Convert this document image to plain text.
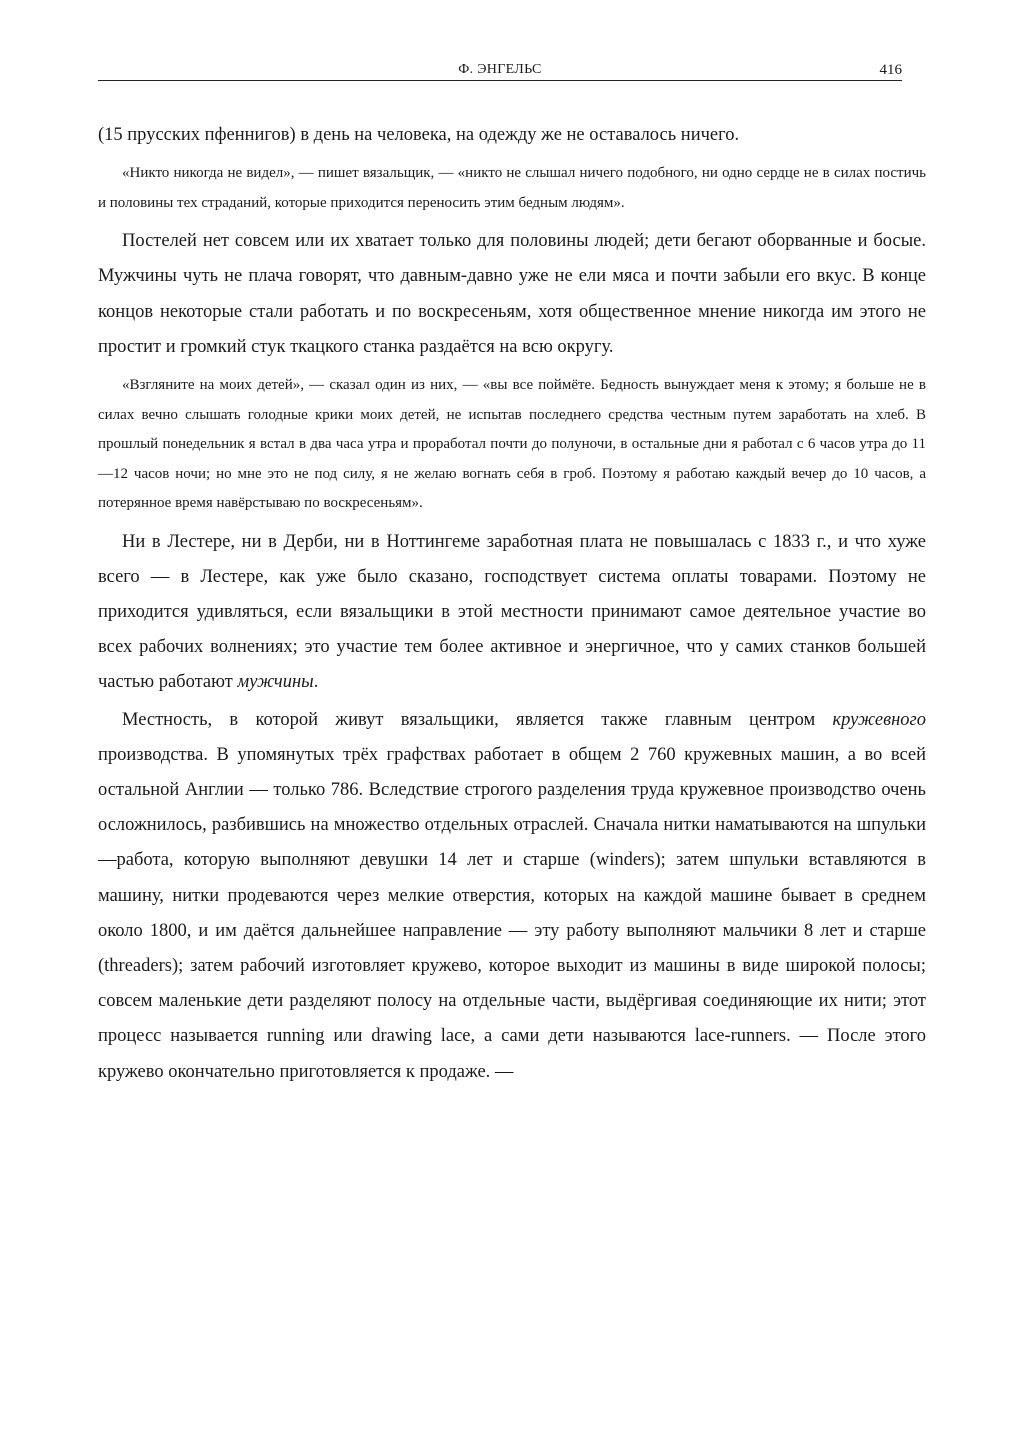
Ф. ЭНГЕЛЬС	416

(15 прусских пфеннигов) в день на человека, на одежду же не оставалось ничего.

«Никто никогда не видел», — пишет вязальщик, — «никто не слышал ничего подобного, ни одно сердце не в силах постичь и половины тех страданий, которые приходится переносить этим бедным людям».

Постелей нет совсем или их хватает только для половины людей; дети бегают оборванные и босые. Мужчины чуть не плача говорят, что давным-давно уже не ели мяса и почти забыли его вкус. В конце концов некоторые стали работать и по воскресеньям, хотя общественное мнение никогда им этого не простит и громкий стук ткацкого станка раздаётся на всю округу.

«Взгляните на моих детей», — сказал один из них, — «вы все поймёте. Бедность вынуждает меня к этому; я больше не в силах вечно слышать голодные крики моих детей, не испытав последнего средства честным путем заработать на хлеб. В прошлый понедельник я встал в два часа утра и проработал почти до полуночи, в остальные дни я работал с 6 часов утра до 11—12 часов ночи; но мне это не под силу, я не желаю вогнать себя в гроб. Поэтому я работаю каждый вечер до 10 часов, а потерянное время навёрстываю по воскресеньям».

Ни в Лестере, ни в Дерби, ни в Ноттингеме заработная плата не повышалась с 1833 г., и что хуже всего — в Лестере, как уже было сказано, господствует система оплаты товарами. Поэтому не приходится удивляться, если вязальщики в этой местности принимают самое деятельное участие во всех рабочих волнениях; это участие тем более активное и энергичное, что у самих станков большей частью работают мужчины.

Местность, в которой живут вязальщики, является также главным центром кружевного производства. В упомянутых трёх графствах работает в общем 2 760 кружевных машин, а во всей остальной Англии — только 786. Вследствие строгого разделения труда кружевное производство очень осложнилось, разбившись на множество отдельных отраслей. Сначала нитки наматываются на шпульки—работа, которую выполняют девушки 14 лет и старше (winders); затем шпульки вставляются в машину, нитки продеваются через мелкие отверстия, которых на каждой машине бывает в среднем около 1800, и им даётся дальнейшее направление — эту работу выполняют мальчики 8 лет и старше (threaders); затем рабочий изготовляет кружево, которое выходит из машины в виде широкой полосы; совсем маленькие дети разделяют полосу на отдельные части, выдёргивая соединяющие их нити; этот процесс называется running или drawing lace, а сами дети называются lace-runners. — После этого кружево окончательно приготовляется к продаже. —
